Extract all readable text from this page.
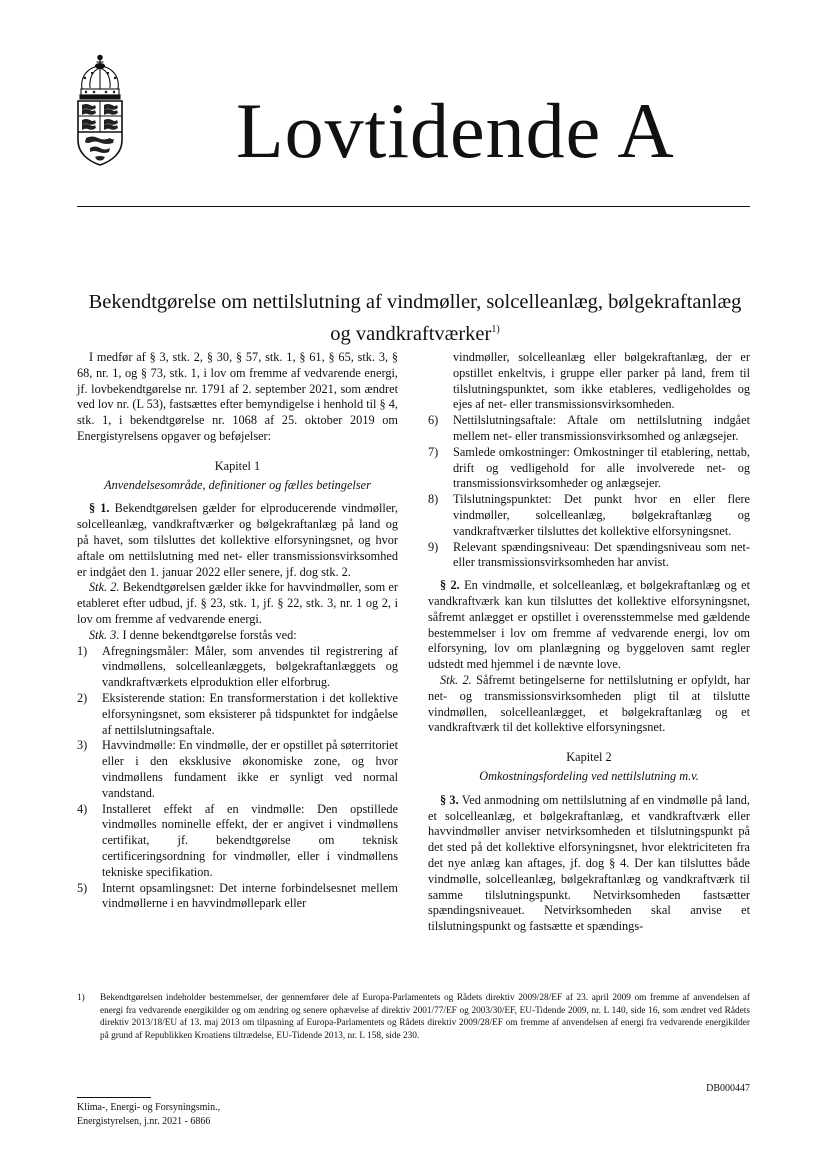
Lovtidende A
Bekendtgørelse om nettilslutning af vindmøller, solcelleanlæg, bølgekraftanlæg
og vandkraftværker$^{1)}$

I medfør af § 3, stk. 2, § 30, § 57, stk. 1, § 61, § 65, stk. 3, § 68, nr. 1, og § 73, stk. 1, i lov om fremme af vedvarende energi, jf. lovbekendtgørelse nr. 1791 af 2. september 2021, som ændret ved lov nr. (L 53), fastsættes efter bemyndigelse i henhold til § 4, stk. 1, i bekendtgørelse nr. 1068 af 25. oktober 2019 om Energistyrelsens opgaver og beføjelser:

Kapitel 1

Anvendelsesområde, definitioner og fælles betingelser

§ 1. Bekendtgørelsen gælder for elproducerende vindmøller, solcelleanlæg, vandkraftværker og bølgekraftanlæg på land og på havet, som tilsluttes det kollektive elforsyningsnet, og hvor aftale om nettilslutning med net- eller transmissionsvirksomhed er indgået den 1. januar 2022 eller senere, jf. dog stk. 2.

Stk. 2. Bekendtgørelsen gælder ikke for havvindmøller, som er etableret efter udbud, jf. § 23, stk. 1, jf. § 22, stk. 3, nr. 1 og 2, i lov om fremme af vedvarende energi.

Stk. 3. I denne bekendtgørelse forstås ved:

1) Afregningsmåler: Måler, som anvendes til registrering af vindmøllens, solcelleanlæggets, bølgekraftanlæggets og vandkraftværkets elproduktion eller elforbrug.
2) Eksisterende station: En transformerstation i det kollektive elforsyningsnet, som eksisterer på tidspunktet for indgåelse af nettilslutningsaftale.
3) Havvindmølle: En vindmølle, der er opstillet på søterritoriet eller i den eksklusive økonomiske zone, og hvor vindmøllens fundament ikke er synligt ved normal vandstand.
4) Installeret effekt af en vindmølle: Den opstillede vindmølles nominelle effekt, der er angivet i vindmøllens certifikat, jf. bekendtgørelse om teknisk certificeringsordning for vindmøller, eller i vindmøllens tekniske specifikation.
5) Internt opsamlingsnet: Det interne forbindelsesnet mellem vindmøllerne i en havvindmøllepark eller
vindmøller, solcelleanlæg eller bølgekraftanlæg, der er opstillet enkeltvis, i gruppe eller parker på land, frem til tilslutningspunktet, som ikke etableres, vedligeholdes og ejes af net- eller transmissionsvirksomheden.
6) Nettilslutningsaftale: Aftale om nettilslutning indgået mellem net- eller transmissionsvirksomhed og anlægsejer.
7) Samlede omkostninger: Omkostninger til etablering, nettab, drift og vedligehold for alle involverede net- og transmissionsvirksomheder og anlægsejer.
8) Tilslutningspunktet: Det punkt hvor en eller flere vindmøller, solcelleanlæg, bølgekraftanlæg og vandkraftværker tilsluttes det kollektive elforsyningsnet.
9) Relevant spændingsniveau: Det spændingsniveau som net- eller transmissionsvirksomheden har anvist.

§ 2. En vindmølle, et solcelleanlæg, et bølgekraftanlæg og et vandkraftværk kan kun tilsluttes det kollektive elforsyningsnet, såfremt anlægget er opstillet i overensstemmelse med gældende bestemmelser i lov om fremme af vedvarende energi, lov om elforsyning, lov om planlægning og byggeloven samt regler udstedt med hjemmel i de nævnte love.

Stk. 2. Såfremt betingelserne for nettilslutning er opfyldt, har net- og transmissionsvirksomheden pligt til at tilslutte vindmøllen, solcelleanlægget, et bølgekraftanlæg og et vandkraftværk til det kollektive elforsyningsnet.

Kapitel 2

Omkostningsfordeling ved nettilslutning m.v.

§ 3. Ved anmodning om nettilslutning af en vindmølle på land, et solcelleanlæg, et bølgekraftanlæg, et vandkraftværk eller havvindmøller anviser netvirksomheden et tilslutningspunkt på det sted på det kollektive elforsyningsnet, hvor elektriciteten fra det nye anlæg kan aftages, jf. dog § 4. Der kan tilsluttes både vindmølle, solcelleanlæg, bølgekraftanlæg og vandkraftværk til samme tilslutningspunkt. Netvirksomheden fastsætter spændingsniveauet. Netvirksomheden skal anvise et tilslutningspunkt og fastsætte et spændings-

1) Bekendtgørelsen indeholder bestemmelser, der gennemfører dele af Europa-Parlamentets og Rådets direktiv 2009/28/EF af 23. april 2009 om fremme af anvendelsen af energi fra vedvarende energikilder og om ændring og senere ophævelse af direktiv 2001/77/EF og 2003/30/EF, EU-Tidende 2009, nr. L 140, side 16, som ændret ved Rådets direktiv 2013/18/EU af 13. maj 2013 om tilpasning af Europa-Parlamentets og Rådets direktiv 2009/28/EF om fremme af anvendelsen af energi fra vedvarende energikilder på grund af Republikken Kroatiens tiltrædelse, EU-Tidende 2013, nr. L 158, side 230.
DB000447
Klima-, Energi- og Forsyningsmin.,
Energistyrelsen, j.nr. 2021 - 6866
